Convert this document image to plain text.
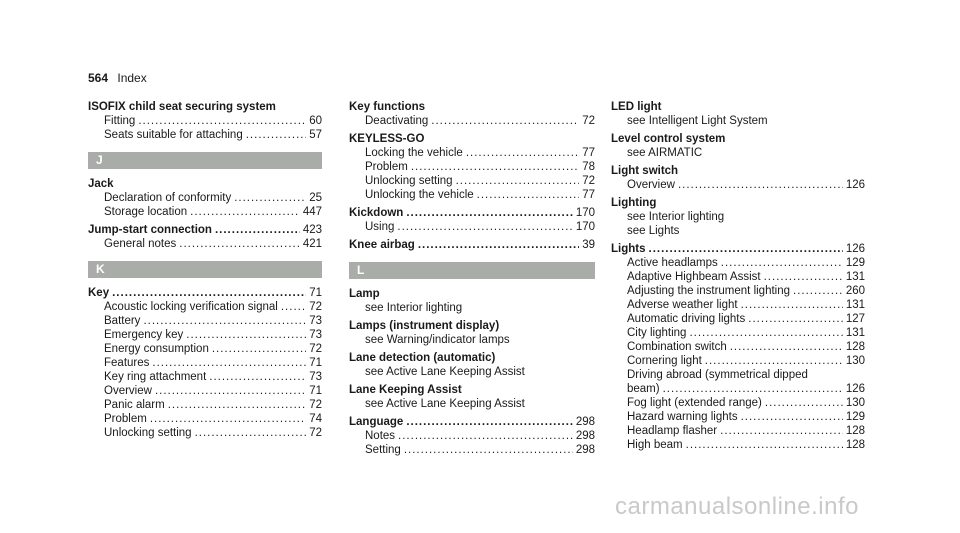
564 Index
ISOFIX child seat securing system
Fitting .....	60
Seats suitable for attaching .....	57
J
Jack
Declaration of conformity .....	25
Storage location .....	447
Jump-start connection .....	423
General notes .....	421
K
Key .....	71
Acoustic locking verification signal .....	72
Battery .....	73
Emergency key .....	73
Energy consumption .....	72
Features .....	71
Key ring attachment .....	73
Overview .....	71
Panic alarm .....	72
Problem .....	74
Unlocking setting .....	72
Key functions
Deactivating .....	72
KEYLESS-GO
Locking the vehicle .....	77
Problem .....	78
Unlocking setting .....	72
Unlocking the vehicle .....	77
Kickdown .....	170
Using .....	170
Knee airbag .....	39
L
Lamp
see Interior lighting
Lamps (instrument display)
see Warning/indicator lamps
Lane detection (automatic)
see Active Lane Keeping Assist
Lane Keeping Assist
see Active Lane Keeping Assist
Language .....	298
Notes .....	298
Setting .....	298
LED light
see Intelligent Light System
Level control system
see AIRMATIC
Light switch
Overview .....	126
Lighting
see Interior lighting
see Lights
Lights .....	126
Active headlamps .....	129
Adaptive Highbeam Assist .....	131
Adjusting the instrument lighting .....	260
Adverse weather light .....	131
Automatic driving lights .....	127
City lighting .....	131
Combination switch .....	128
Cornering light .....	130
Driving abroad (symmetrical dipped
beam) .....	126
Fog light (extended range) .....	130
Hazard warning lights .....	129
Headlamp flasher .....	128
High beam .....	128
carmanualsonline.info
